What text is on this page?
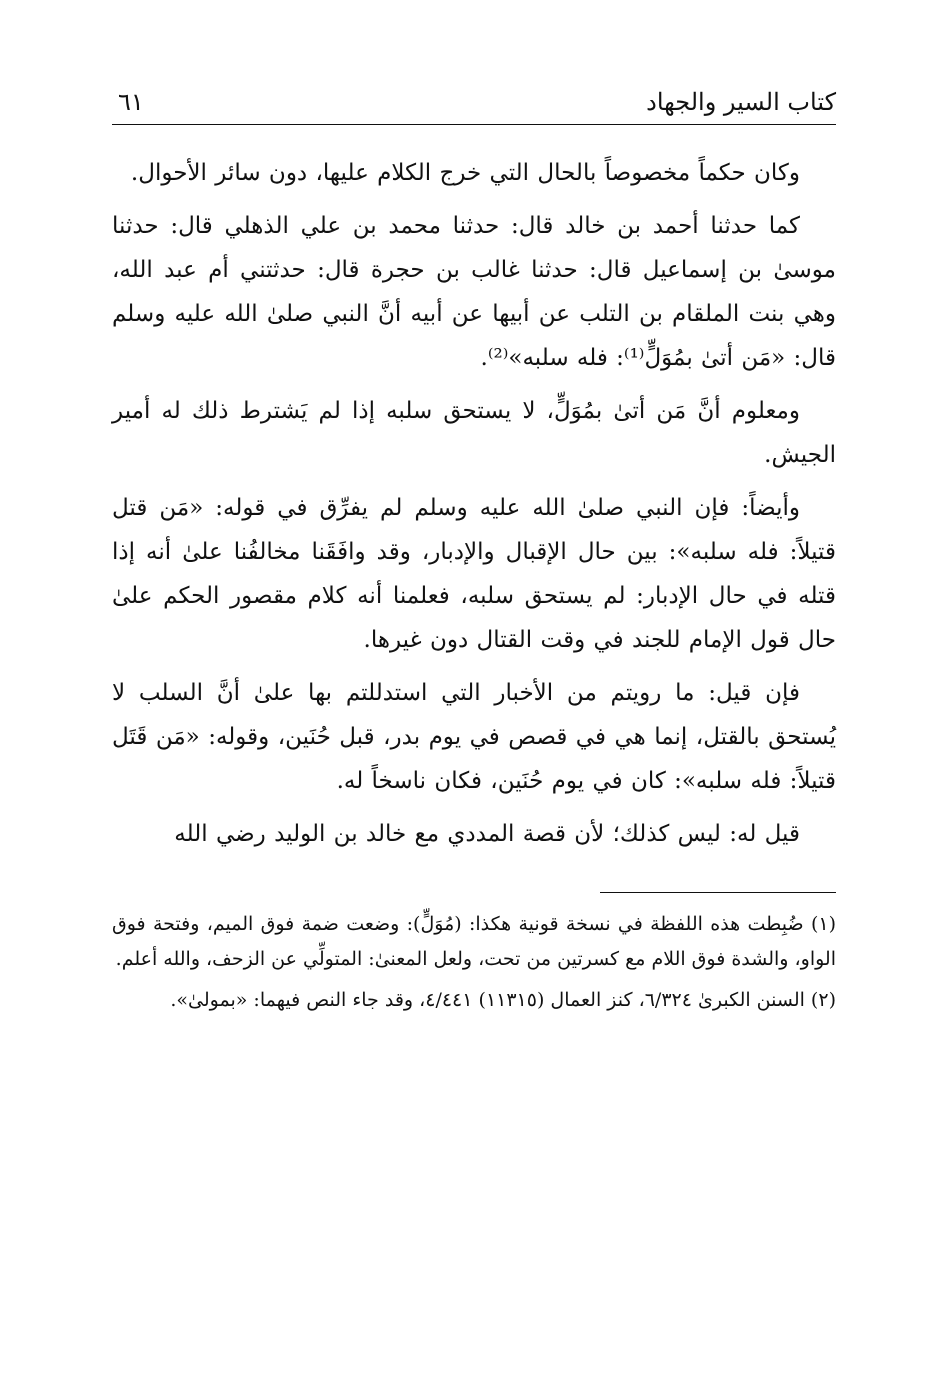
كتاب السير والجهاد
٦١

وكان حكماً مخصوصاً بالحال التي خرج الكلام عليها، دون سائر الأحوال.

كما حدثنا أحمد بن خالد قال: حدثنا محمد بن علي الذهلي قال: حدثنا موسىٰ بن إسماعيل قال: حدثنا غالب بن حجرة قال: حدثتني أم عبد الله، وهي بنت الملقام بن التلب عن أبيها عن أبيه أنَّ النبي صلىٰ الله عليه وسلم قال: «مَن أتىٰ بمُوَلٍّ⁽¹⁾: فله سلبه»⁽²⁾.

ومعلوم أنَّ مَن أتىٰ بمُوَلٍّ، لا يستحق سلبه إذا لم يَشترط ذلك له أمير الجيش.

وأيضاً: فإن النبي صلىٰ الله عليه وسلم لم يفرِّق في قوله: «مَن قتل قتيلاً: فله سلبه»: بين حال الإقبال والإدبار، وقد وافَقَنا مخالفُنا علىٰ أنه إذا قتله في حال الإدبار: لم يستحق سلبه، فعلمنا أنه كلام مقصور الحكم علىٰ حال قول الإمام للجند في وقت القتال دون غيرها.

فإن قيل: ما رويتم من الأخبار التي استدللتم بها علىٰ أنَّ السلب لا يُستحق بالقتل، إنما هي في قصص في يوم بدر، قبل حُنَين، وقوله: «مَن قَتَل قتيلاً: فله سلبه»: كان في يوم حُنَين، فكان ناسخاً له.

قيل له: ليس كذلك؛ لأن قصة المددي مع خالد بن الوليد رضي الله

(١) ضُبِطت هذه اللفظة في نسخة قونية هكذا: (مُوَلٍّ): وضعت ضمة فوق الميم، وفتحة فوق الواو، والشدة فوق اللام مع كسرتين من تحت، ولعل المعنىٰ: المتولِّي عن الزحف، والله أعلم.

(٢) السنن الكبرىٰ ٦/٣٢٤، كنز العمال (١١٣١٥) ٤/٤٤١، وقد جاء النص فيهما: «بمولىٰ».
